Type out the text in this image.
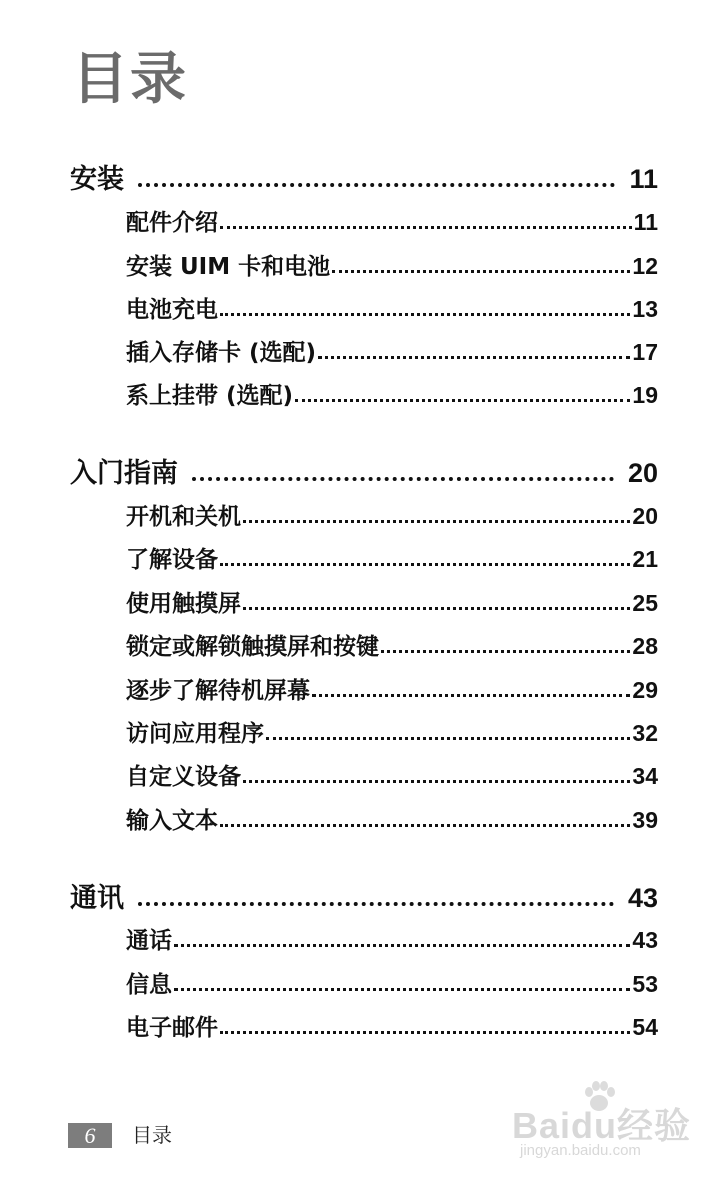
目录
安装	11
配件介绍	11
安装 UIM 卡和电池	12
电池充电	13
插入存储卡 (选配)	17
系上挂带 (选配)	19
入门指南	20
开机和关机	20
了解设备	21
使用触摸屏	25
锁定或解锁触摸屏和按键	28
逐步了解待机屏幕	29
访问应用程序	32
自定义设备	34
输入文本	39
通讯	43
通话	43
信息	53
电子邮件	54
6	目录	Baidu经验
jingyan.baidu.com
